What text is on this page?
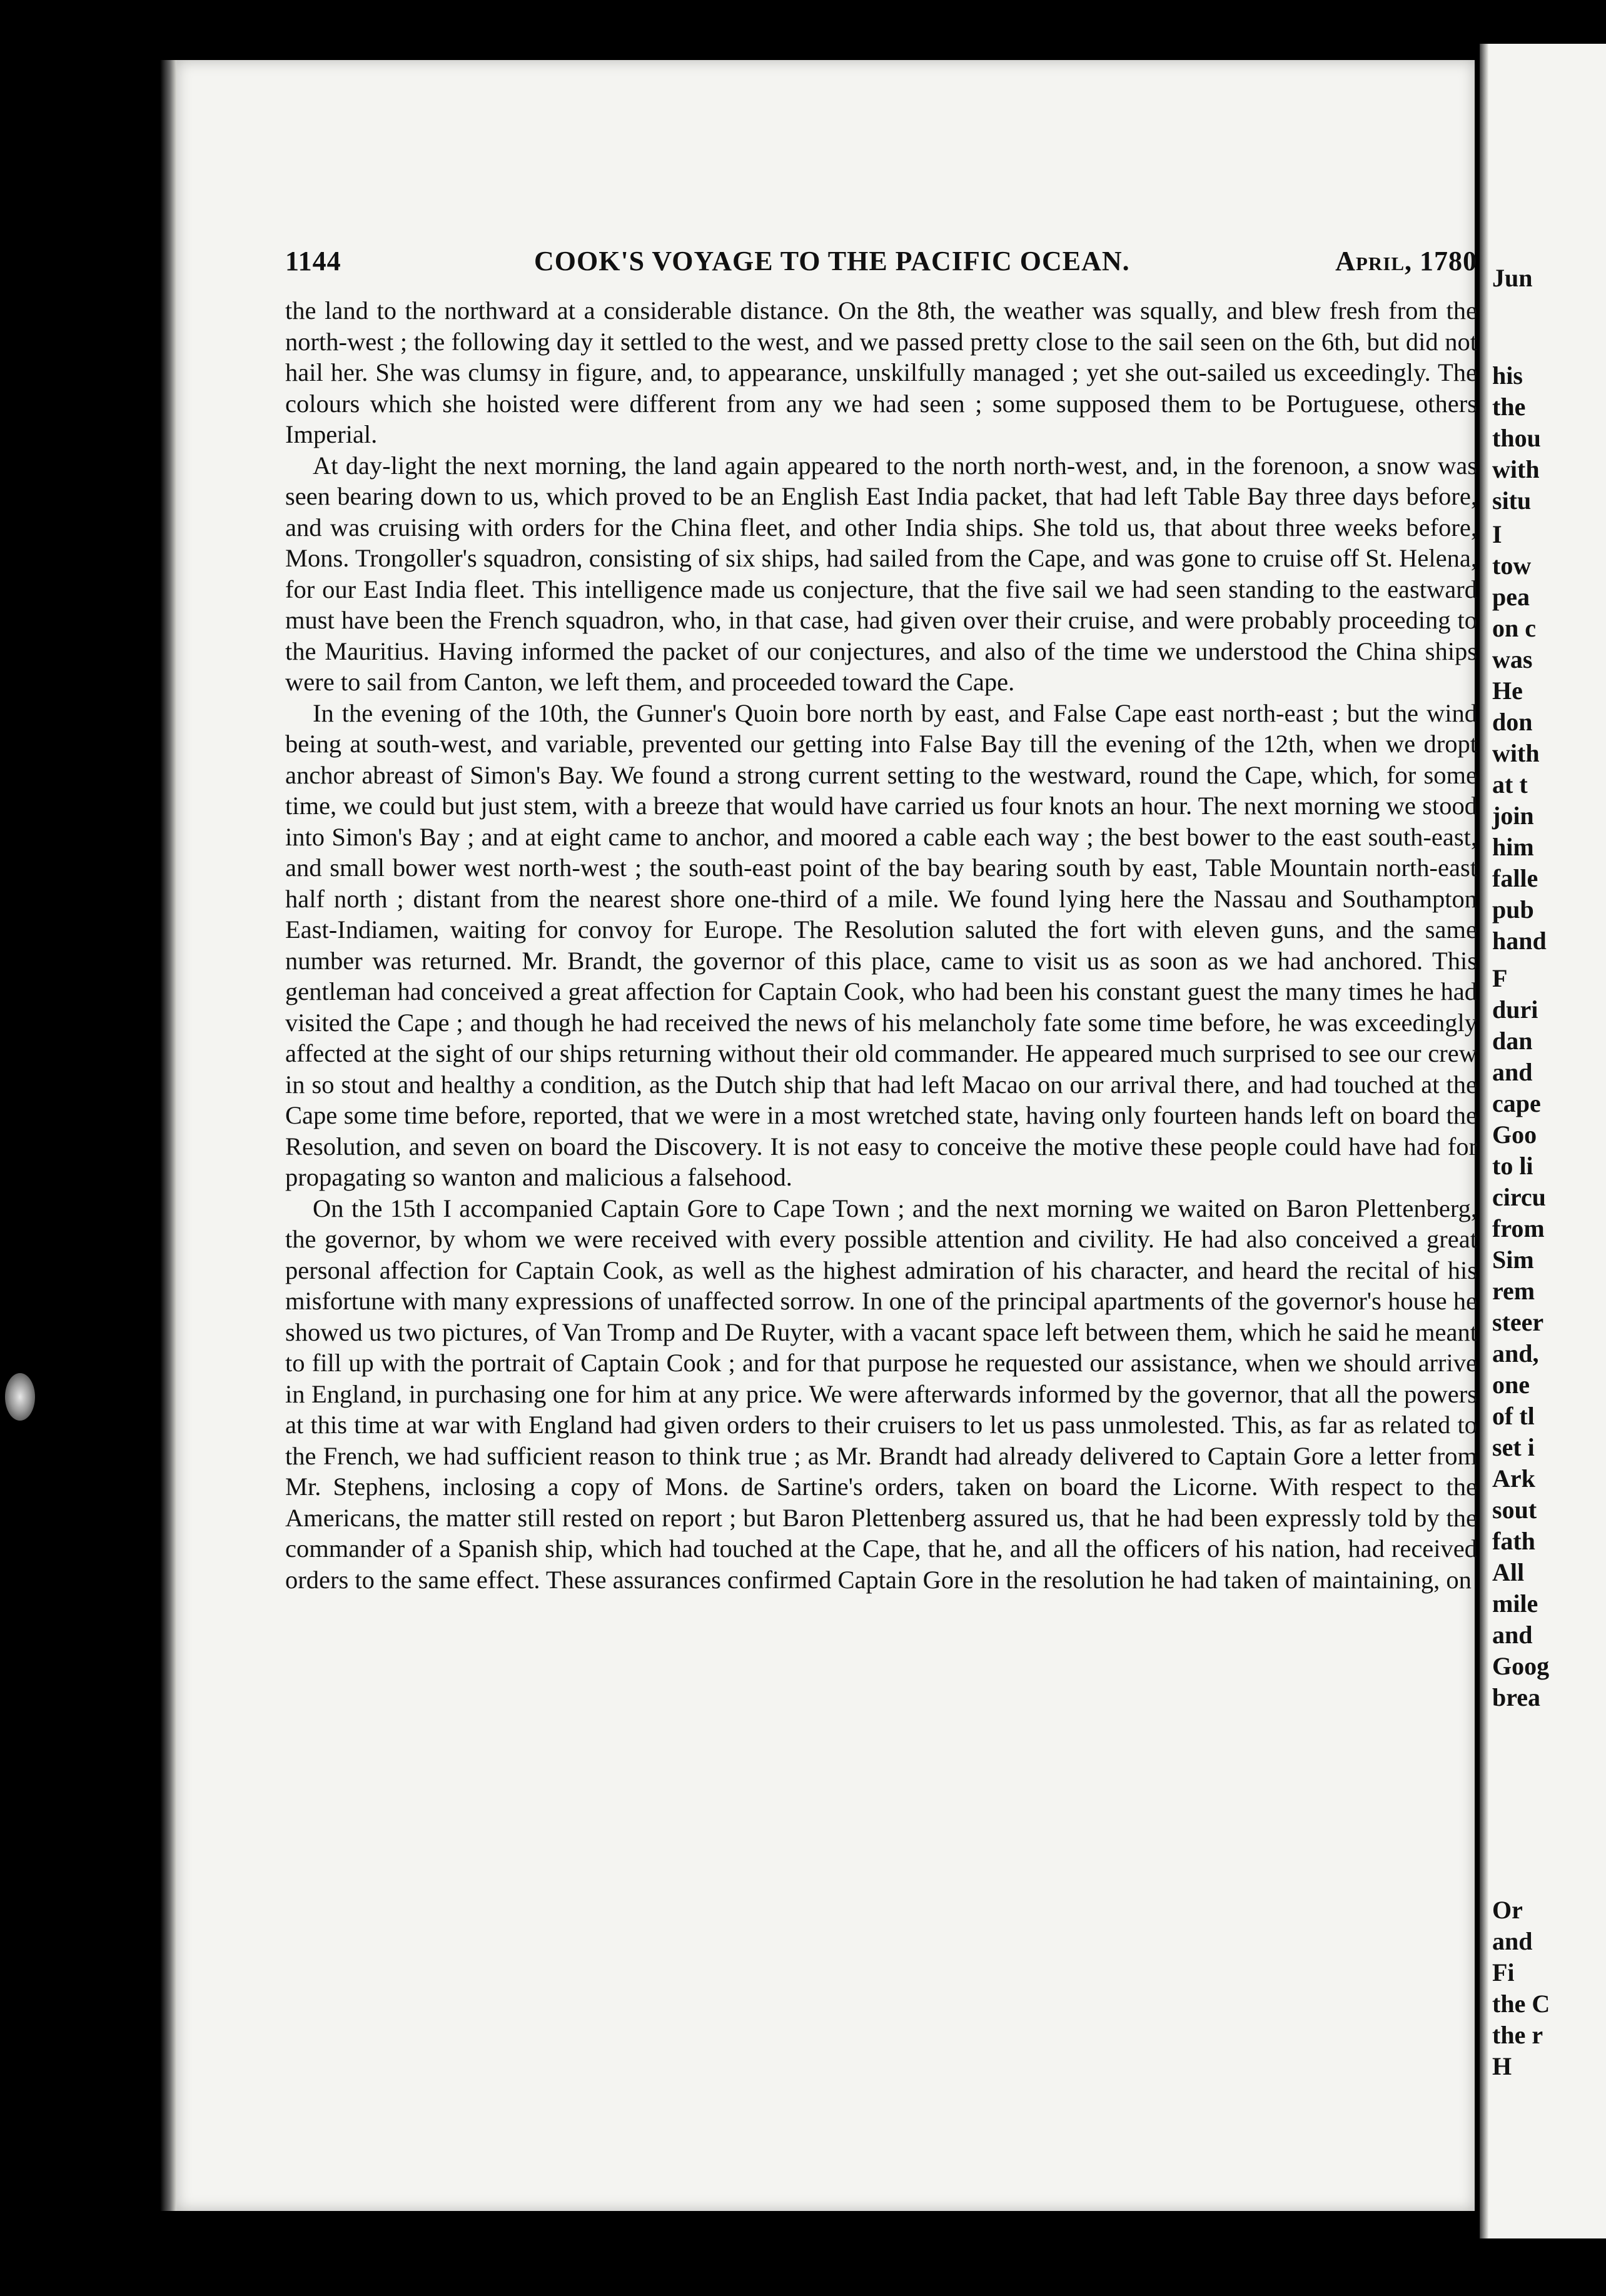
1144	COOK'S VOYAGE TO THE PACIFIC OCEAN.	April, 1780

the land to the northward at a considerable distance. On the 8th, the weather was squally, and blew fresh from the north-west ; the following day it settled to the west, and we passed pretty close to the sail seen on the 6th, but did not hail her. She was clumsy in figure, and, to appearance, unskilfully managed ; yet she out-sailed us exceedingly. The colours which she hoisted were different from any we had seen ; some supposed them to be Portuguese, others Imperial.

At day-light the next morning, the land again appeared to the north north-west, and, in the forenoon, a snow was seen bearing down to us, which proved to be an English East India packet, that had left Table Bay three days before, and was cruising with orders for the China fleet, and other India ships. She told us, that about three weeks before, Mons. Trongoller's squadron, consisting of six ships, had sailed from the Cape, and was gone to cruise off St. Helena, for our East India fleet. This intelligence made us conjecture, that the five sail we had seen standing to the eastward must have been the French squadron, who, in that case, had given over their cruise, and were probably proceeding to the Mauritius. Having informed the packet of our conjectures, and also of the time we understood the China ships were to sail from Canton, we left them, and proceeded toward the Cape.

In the evening of the 10th, the Gunner's Quoin bore north by east, and False Cape east north-east ; but the wind being at south-west, and variable, prevented our getting into False Bay till the evening of the 12th, when we dropt anchor abreast of Simon's Bay. We found a strong current setting to the westward, round the Cape, which, for some time, we could but just stem, with a breeze that would have carried us four knots an hour. The next morning we stood into Simon's Bay ; and at eight came to anchor, and moored a cable each way ; the best bower to the east south-east, and small bower west north-west ; the south-east point of the bay bearing south by east, Table Mountain north-east half north ; distant from the nearest shore one-third of a mile. We found lying here the Nassau and Southampton East-Indiamen, waiting for convoy for Europe. The Resolution saluted the fort with eleven guns, and the same number was returned. Mr. Brandt, the governor of this place, came to visit us as soon as we had anchored. This gentleman had conceived a great affection for Captain Cook, who had been his constant guest the many times he had visited the Cape ; and though he had received the news of his melancholy fate some time before, he was exceedingly affected at the sight of our ships returning without their old commander. He appeared much surprised to see our crew in so stout and healthy a condition, as the Dutch ship that had left Macao on our arrival there, and had touched at the Cape some time before, reported, that we were in a most wretched state, having only fourteen hands left on board the Resolution, and seven on board the Discovery. It is not easy to conceive the motive these people could have had for propagating so wanton and malicious a falsehood.

On the 15th I accompanied Captain Gore to Cape Town ; and the next morning we waited on Baron Plettenberg, the governor, by whom we were received with every possible attention and civility. He had also conceived a great personal affection for Captain Cook, as well as the highest admiration of his character, and heard the recital of his misfortune with many expressions of unaffected sorrow. In one of the principal apartments of the governor's house he showed us two pictures, of Van Tromp and De Ruyter, with a vacant space left between them, which he said he meant to fill up with the portrait of Captain Cook ; and for that purpose he requested our assistance, when we should arrive in England, in purchasing one for him at any price. We were afterwards informed by the governor, that all the powers at this time at war with England had given orders to their cruisers to let us pass unmolested. This, as far as related to the French, we had sufficient reason to think true ; as Mr. Brandt had already delivered to Captain Gore a letter from Mr. Stephens, inclosing a copy of Mons. de Sartine's orders, taken on board the Licorne. With respect to the Americans, the matter still rested on report ; but Baron Plettenberg assured us, that he had been expressly told by the commander of a Spanish ship, which had touched at the Cape, that he, and all the officers of his nation, had received orders to the same effect. These assurances confirmed Captain Gore in the resolution he had taken of maintaining, on

Jun
his
the
thou
with
situ
I
tow
pea
on c
was
He
don
with
at t
join
him
falle
pub
hand
F
duri
dan
and
cape
Goo
to li
circu
from
Sim
rem
steer
and,
one
of tl
set i
Ark
sout
fath
All
mile
and
Goog
brea
Or
and
Fi
the C
the r
H
